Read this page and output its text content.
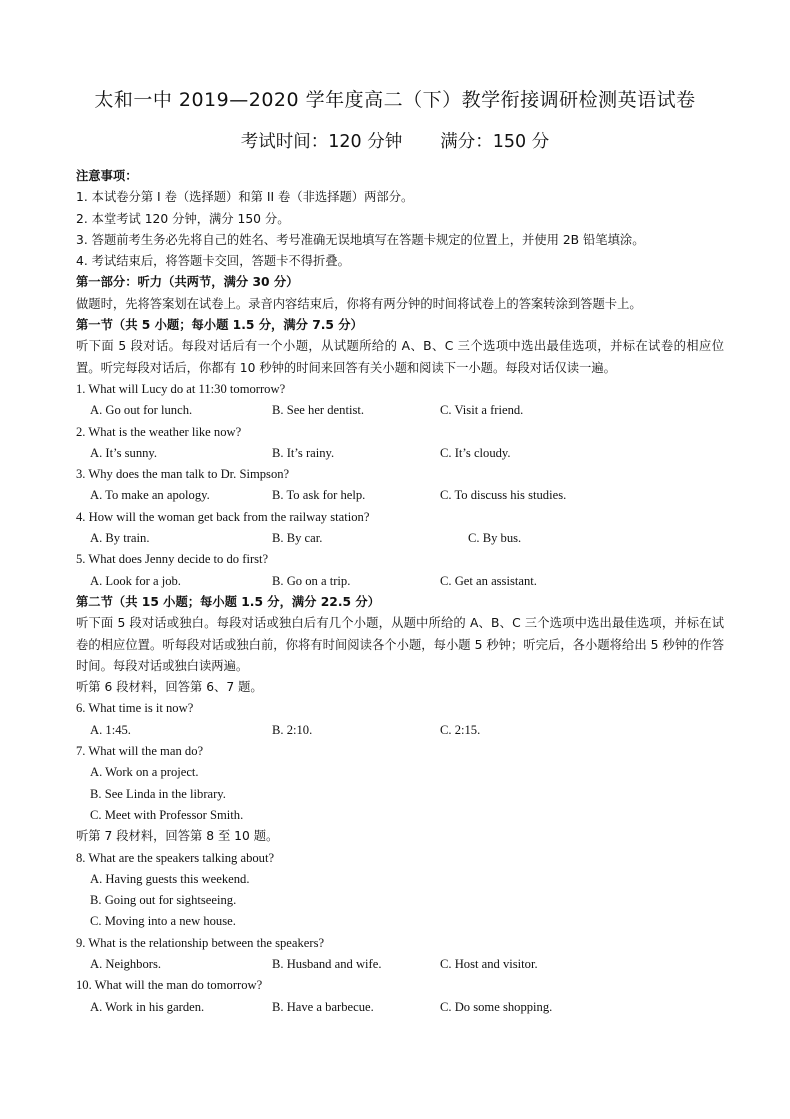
太和一中 2019—2020 学年度高二（下）教学衔接调研检测英语试卷
考试时间：120 分钟 满分：150 分
注意事项：
1. 本试卷分第 I 卷（选择题）和第 II 卷（非选择题）两部分。
2. 本堂考试 120 分钟，满分 150 分。
3. 答题前考生务必先将自己的姓名、考号准确无误地填写在答题卡规定的位置上，并使用 2B 铅笔填涂。
4. 考试结束后，将答题卡交回，答题卡不得折叠。
第一部分：听力（共两节，满分 30 分）
做题时，先将答案划在试卷上。录音内容结束后，你将有两分钟的时间将试卷上的答案转涂到答题卡上。
第一节（共 5 小题；每小题 1.5 分，满分 7.5 分）
听下面 5 段对话。每段对话后有一个小题，从试题所给的 A、B、C 三个选项中选出最佳选项，并标在试卷的相应位置。听完每段对话后，你都有 10 秒钟的时间来回答有关小题和阅读下一小题。每段对话仅读一遍。
1. What will Lucy do at 11:30 tomorrow?
A. Go out for lunch.	B. See her dentist.	C. Visit a friend.
2. What is the weather like now?
A. It’s sunny.	B. It’s rainy.	C. It’s cloudy.
3. Why does the man talk to Dr. Simpson?
A. To make an apology.	B. To ask for help.	C. To discuss his studies.
4. How will the woman get back from the railway station?
A. By train.	B. By car.	C. By bus.
5. What does Jenny decide to do first?
A. Look for a job.	B. Go on a trip.	C. Get an assistant.
第二节（共 15 小题；每小题 1.5 分，满分 22.5 分）
听下面 5 段对话或独白。每段对话或独白后有几个小题，从题中所给的 A、B、C 三个选项中选出最佳选项，并标在试卷的相应位置。听每段对话或独白前，你将有时间阅读各个小题，每小题 5 秒钟；听完后，各小题将给出 5 秒钟的作答时间。每段对话或独白读两遍。
听第 6 段材料，回答第 6、7 题。
6. What time is it now?
A. 1:45.	B. 2:10.	C. 2:15.
7. What will the man do?
A. Work on a project.
B. See Linda in the library.
C. Meet with Professor Smith.
听第 7 段材料，回答第 8 至 10 题。
8. What are the speakers talking about?
A. Having guests this weekend.
B. Going out for sightseeing.
C. Moving into a new house.
9. What is the relationship between the speakers?
A. Neighbors.	B. Husband and wife.	C. Host and visitor.
10. What will the man do tomorrow?
A. Work in his garden.	B. Have a barbecue.	C. Do some shopping.
